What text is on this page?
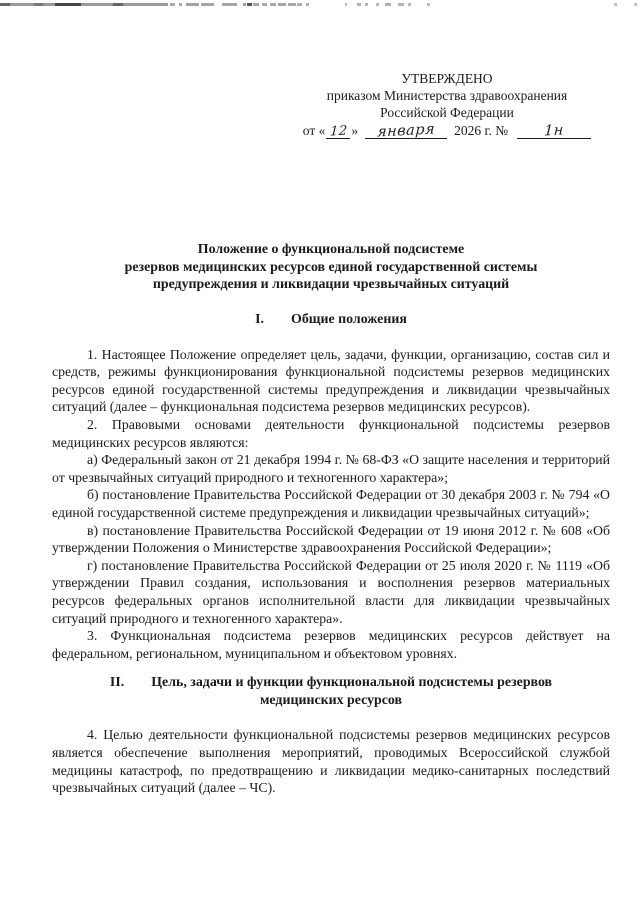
УТВЕРЖДЕНО
приказом Министерства здравоохранения
Российской Федерации
от « 12 » января 2026 г. № 1н
Положение о функциональной подсистеме
резервов медицинских ресурсов единой государственной системы
предупреждения и ликвидации чрезвычайных ситуаций
I. Общие положения

1. Настоящее Положение определяет цель, задачи, функции, организацию, состав сил и средств, режимы функционирования функциональной подсистемы резервов медицинских ресурсов единой государственной системы предупреждения и ликвидации чрезвычайных ситуаций (далее – функциональная подсистема резервов медицинских ресурсов).

2. Правовыми основами деятельности функциональной подсистемы резервов медицинских ресурсов являются:

а) Федеральный закон от 21 декабря 1994 г. № 68-ФЗ «О защите населения и территорий от чрезвычайных ситуаций природного и техногенного характера»;

б) постановление Правительства Российской Федерации от 30 декабря 2003 г. № 794 «О единой государственной системе предупреждения и ликвидации чрезвычайных ситуаций»;

в) постановление Правительства Российской Федерации от 19 июня 2012 г. № 608 «Об утверждении Положения о Министерстве здравоохранения Российской Федерации»;

г) постановление Правительства Российской Федерации от 25 июля 2020 г. № 1119 «Об утверждении Правил создания, использования и восполнения резервов материальных ресурсов федеральных органов исполнительной власти для ликвидации чрезвычайных ситуаций природного и техногенного характера».

3. Функциональная подсистема резервов медицинских ресурсов действует на федеральном, региональном, муниципальном и объектовом уровнях.

II. Цель, задачи и функции функциональной подсистемы резервов
медицинских ресурсов

4. Целью деятельности функциональной подсистемы резервов медицинских ресурсов является обеспечение выполнения мероприятий, проводимых Всероссийской службой медицины катастроф, по предотвращению и ликвидации медико-санитарных последствий чрезвычайных ситуаций (далее – ЧС).
